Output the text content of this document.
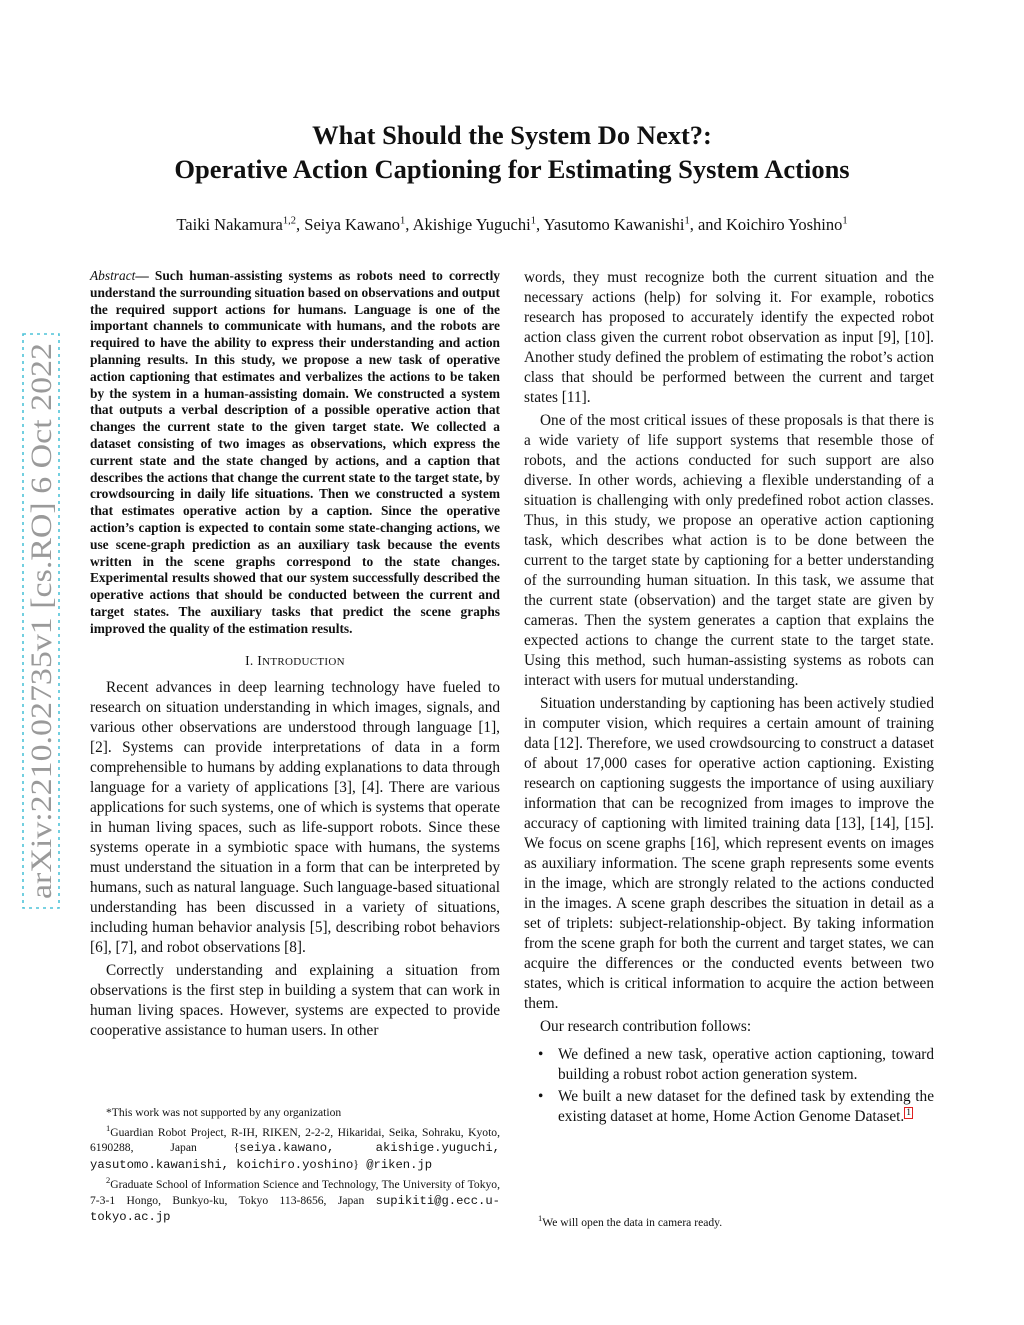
arXiv:2210.02735v1 [cs.RO] 6 Oct 2022
What Should the System Do Next?:
Operative Action Captioning for Estimating System Actions
Taiki Nakamura$^{1,2}$, Seiya Kawano$^1$, Akishige Yuguchi$^1$, Yasutomo Kawanishi$^1$, and Koichiro Yoshino$^1$

Abstract— Such human-assisting systems as robots need to correctly understand the surrounding situation based on observations and output the required support actions for humans. Language is one of the important channels to communicate with humans, and the robots are required to have the ability to express their understanding and action planning results. In this study, we propose a new task of operative action captioning that estimates and verbalizes the actions to be taken by the system in a human-assisting domain. We constructed a system that outputs a verbal description of a possible operative action that changes the current state to the given target state. We collected a dataset consisting of two images as observations, which express the current state and the state changed by actions, and a caption that describes the actions that change the current state to the target state, by crowdsourcing in daily life situations. Then we constructed a system that estimates operative action by a caption. Since the operative action’s caption is expected to contain some state-changing actions, we use scene-graph prediction as an auxiliary task because the events written in the scene graphs correspond to the state changes. Experimental results showed that our system successfully described the operative actions that should be conducted between the current and target states. The auxiliary tasks that predict the scene graphs improved the quality of the estimation results.

I. INTRODUCTION

Recent advances in deep learning technology have fueled to research on situation understanding in which images, signals, and various other observations are understood through language [1], [2]. Systems can provide interpretations of data in a form comprehensible to humans by adding explanations to data through language for a variety of applications [3], [4]. There are various applications for such systems, one of which is systems that operate in human living spaces, such as life-support robots. Since these systems operate in a symbiotic space with humans, the systems must understand the situation in a form that can be interpreted by humans, such as natural language. Such language-based situational understanding has been discussed in a variety of situations, including human behavior analysis [5], describing robot behaviors [6], [7], and robot observations [8].

Correctly understanding and explaining a situation from observations is the first step in building a system that can work in human living spaces. However, systems are expected to provide cooperative assistance to human users. In other

*This work was not supported by any organization

$^1$Guardian Robot Project, R-IH, RIKEN, 2-2-2, Hikaridai, Seika, Sohraku, Kyoto, 6190288, Japan {seiya.kawano, akishige.yuguchi, yasutomo.kawanishi, koichiro.yoshino} @riken.jp

$^2$Graduate School of Information Science and Technology, The University of Tokyo, 7-3-1 Hongo, Bunkyo-ku, Tokyo 113-8656, Japan supikiti@g.ecc.u-tokyo.ac.jp

words, they must recognize both the current situation and the necessary actions (help) for solving it. For example, robotics research has proposed to accurately identify the expected robot action class given the current robot observation as input [9], [10]. Another study defined the problem of estimating the robot’s action class that should be performed between the current and target states [11].

One of the most critical issues of these proposals is that there is a wide variety of life support systems that resemble those of robots, and the actions conducted for such support are also diverse. In other words, achieving a flexible understanding of a situation is challenging with only predefined robot action classes. Thus, in this study, we propose an operative action captioning task, which describes what action is to be done between the current to the target state by captioning for a better understanding of the surrounding human situation. In this task, we assume that the current state (observation) and the target state are given by cameras. Then the system generates a caption that explains the expected actions to change the current state to the target state. Using this method, such human-assisting systems as robots can interact with users for mutual understanding.

Situation understanding by captioning has been actively studied in computer vision, which requires a certain amount of training data [12]. Therefore, we used crowdsourcing to construct a dataset of about 17,000 cases for operative action captioning. Existing research on captioning suggests the importance of using auxiliary information that can be recognized from images to improve the accuracy of captioning with limited training data [13], [14], [15]. We focus on scene graphs [16], which represent events on images as auxiliary information. The scene graph represents some events in the image, which are strongly related to the actions conducted in the images. A scene graph describes the situation in detail as a set of triplets: subject-relationship-object. By taking information from the scene graph for both the current and target states, we can acquire the differences or the conducted events between two states, which is critical information to acquire the action between them.

Our research contribution follows:

• We defined a new task, operative action captioning, toward building a robust robot action generation system.
• We built a new dataset for the defined task by extending the existing dataset at home, Home Action Genome Dataset. $^1$
$^1$We will open the data in camera ready.
